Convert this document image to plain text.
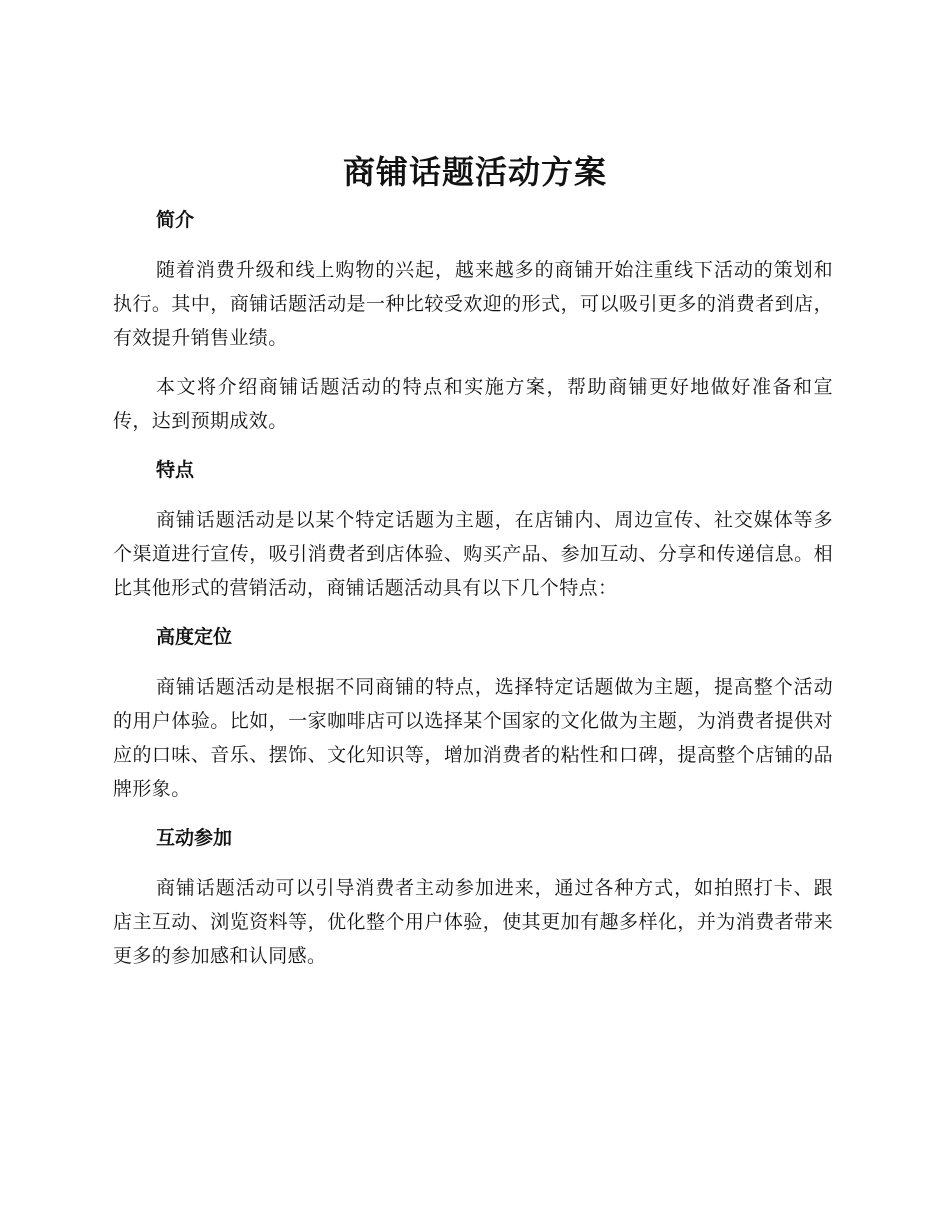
商铺话题活动方案
简介

随着消费升级和线上购物的兴起，越来越多的商铺开始注重线下活动的策划和执行。其中，商铺话题活动是一种比较受欢迎的形式，可以吸引更多的消费者到店，有效提升销售业绩。

本文将介绍商铺话题活动的特点和实施方案，帮助商铺更好地做好准备和宣传，达到预期成效。

特点

商铺话题活动是以某个特定话题为主题，在店铺内、周边宣传、社交媒体等多个渠道进行宣传，吸引消费者到店体验、购买产品、参加互动、分享和传递信息。相比其他形式的营销活动，商铺话题活动具有以下几个特点：

高度定位

商铺话题活动是根据不同商铺的特点，选择特定话题做为主题，提高整个活动的用户体验。比如，一家咖啡店可以选择某个国家的文化做为主题，为消费者提供对应的口味、音乐、摆饰、文化知识等，增加消费者的粘性和口碑，提高整个店铺的品牌形象。

互动参加

商铺话题活动可以引导消费者主动参加进来，通过各种方式，如拍照打卡、跟店主互动、浏览资料等，优化整个用户体验，使其更加有趣多样化，并为消费者带来更多的参加感和认同感。
